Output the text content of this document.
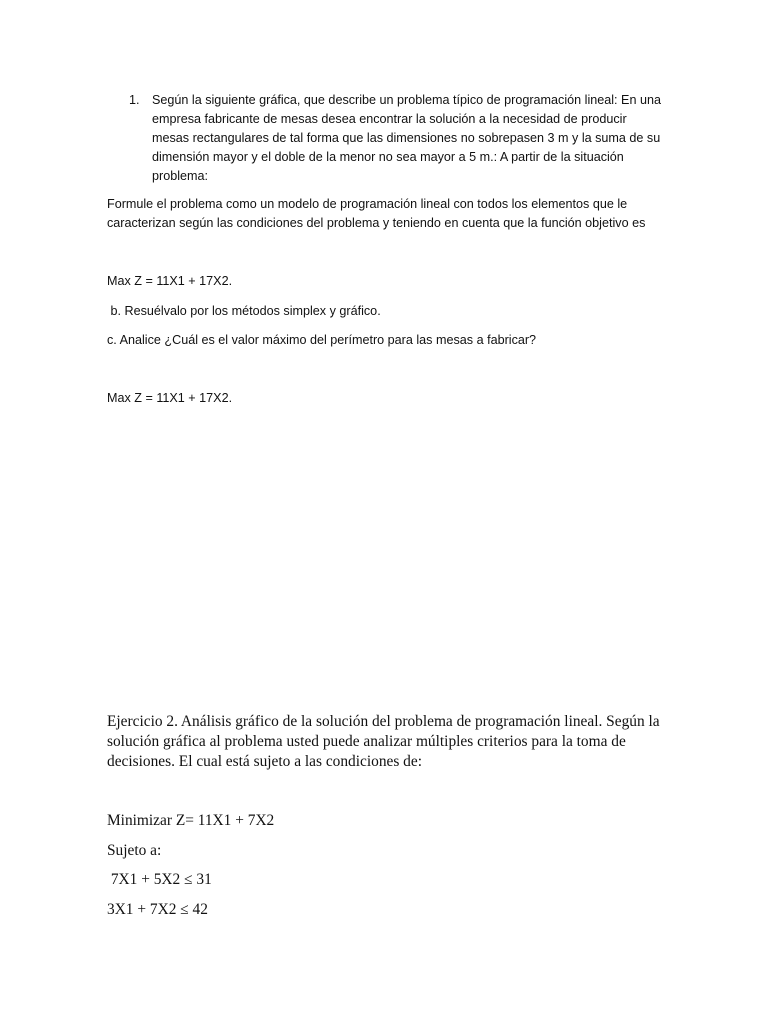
1. Según la siguiente gráfica, que describe un problema típico de programación lineal: En una empresa fabricante de mesas desea encontrar la solución a la necesidad de producir mesas rectangulares de tal forma que las dimensiones no sobrepasen 3 m y la suma de su dimensión mayor y el doble de la menor no sea mayor a 5 m.: A partir de la situación problema:

Formule el problema como un modelo de programación lineal con todos los elementos que le caracterizan según las condiciones del problema y teniendo en cuenta que la función objetivo es

Max Z = 11X1 + 17X2.

b. Resuélvalo por los métodos simplex y gráfico.

c. Analice ¿Cuál es el valor máximo del perímetro para las mesas a fabricar?

Max Z = 11X1 + 17X2.

Ejercicio 2. Análisis gráfico de la solución del problema de programación lineal. Según la solución gráfica al problema usted puede analizar múltiples criterios para la toma de decisiones. El cual está sujeto a las condiciones de:

Minimizar Z= 11X1 + 7X2

Sujeto a:

7X1 + 5X2 ≤ 31

3X1 + 7X2 ≤ 42
